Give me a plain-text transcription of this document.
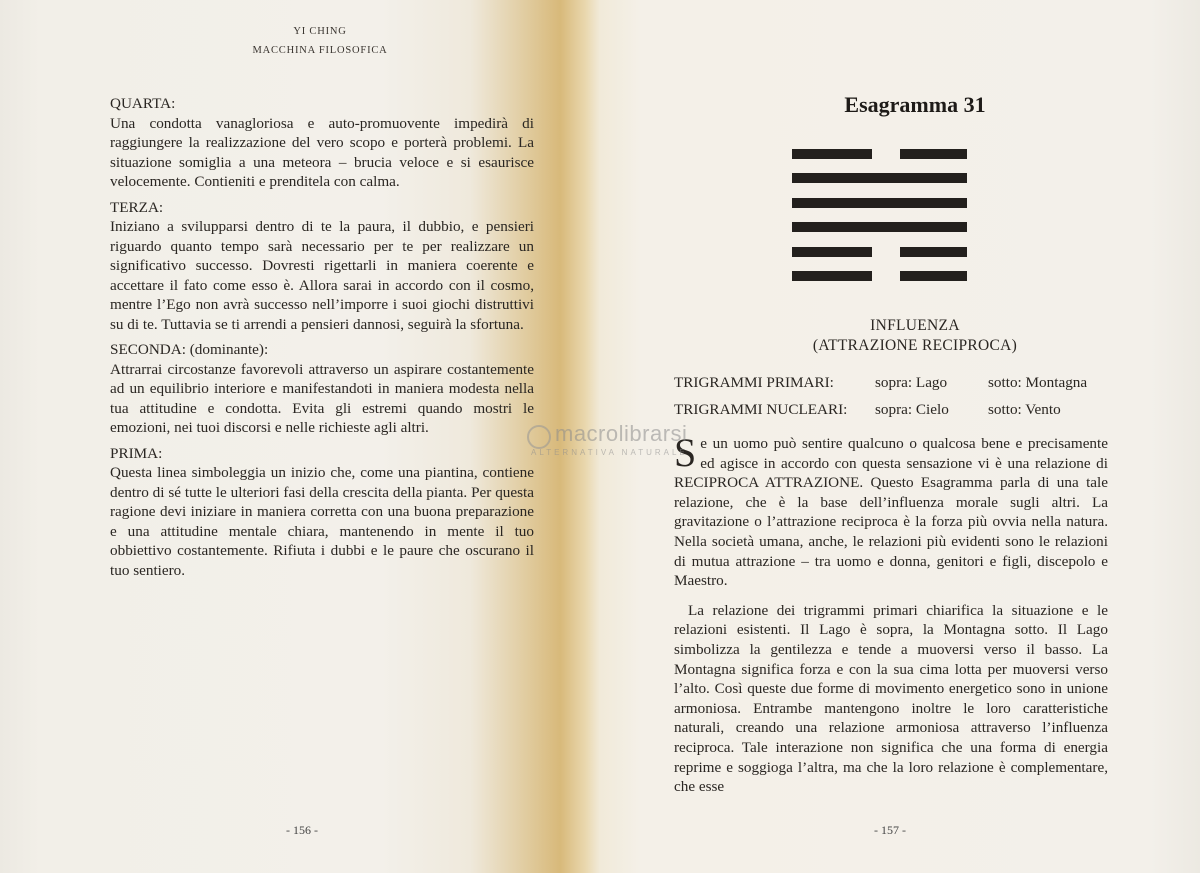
YI CHING
MACCHINA FILOSOFICA
QUARTA:
Una condotta vanagloriosa e auto-promuovente impedirà di raggiungere la realizzazione del vero scopo e porterà problemi. La situazione somiglia a una meteora – brucia veloce e si esaurisce velocemente. Contieniti e prenditela con calma.
TERZA:
Iniziano a svilupparsi dentro di te la paura, il dubbio, e pensieri riguardo quanto tempo sarà necessario per te per realizzare un significativo successo. Dovresti rigettarli in maniera coerente e accettare il fato come esso è. Allora sarai in accordo con il cosmo, mentre l’Ego non avrà successo nell’imporre i suoi giochi distruttivi su di te. Tuttavia se ti arrendi a pensieri dannosi, seguirà la sfortuna.
SECONDA: (dominante):
Attrarrai circostanze favorevoli attraverso un aspirare costantemente ad un equilibrio interiore e manifestandoti in maniera modesta nella tua attitudine e condotta. Evita gli estremi quando mostri le emozioni, nei tuoi discorsi e nelle richieste agli altri.
PRIMA:
Questa linea simboleggia un inizio che, come una piantina, contiene dentro di sé tutte le ulteriori fasi della crescita della pianta. Per questa ragione devi iniziare in maniera corretta con una buona preparazione e una attitudine mentale chiara, mantenendo in mente il tuo obbiettivo costantemente. Rifiuta i dubbi e le paure che oscurano il tuo sentiero.
- 156 -
Esagramma 31
INFLUENZA
(ATTRAZIONE RECIPROCA)
TRIGRAMMI PRIMARI:	sopra: Lago	sotto: Montagna
TRIGRAMMI NUCLEARI: sopra: Cielo	sotto: Vento

Se un uomo può sentire qualcuno o qualcosa bene e precisamente ed agisce in accordo con questa sensazione vi è una relazione di RECIPROCA ATTRAZIONE. Questo Esagramma parla di una tale relazione, che è la base dell’influenza morale sugli altri. La gravitazione o l’attrazione reciproca è la forza più ovvia nella natura. Nella società umana, anche, le relazioni più evidenti sono le relazioni di mutua attrazione – tra uomo e donna, genitori e figli, discepolo e Maestro.

La relazione dei trigrammi primari chiarifica la situazione e le relazioni esistenti. Il Lago è sopra, la Montagna sotto. Il Lago simbolizza la gentilezza e tende a muoversi verso il basso. La Montagna significa forza e con la sua cima lotta per muoversi verso l’alto. Così queste due forme di movimento energetico sono in unione armoniosa. Entrambe mantengono inoltre le loro caratteristiche naturali, creando una relazione armoniosa attraverso l’influenza reciproca. Tale interazione non significa che una forma di energia reprime e soggioga l’altra, ma che la loro relazione è complementare, che esse

- 157 -
macrolibrarsi
ALTERNATIVA NATURALE
